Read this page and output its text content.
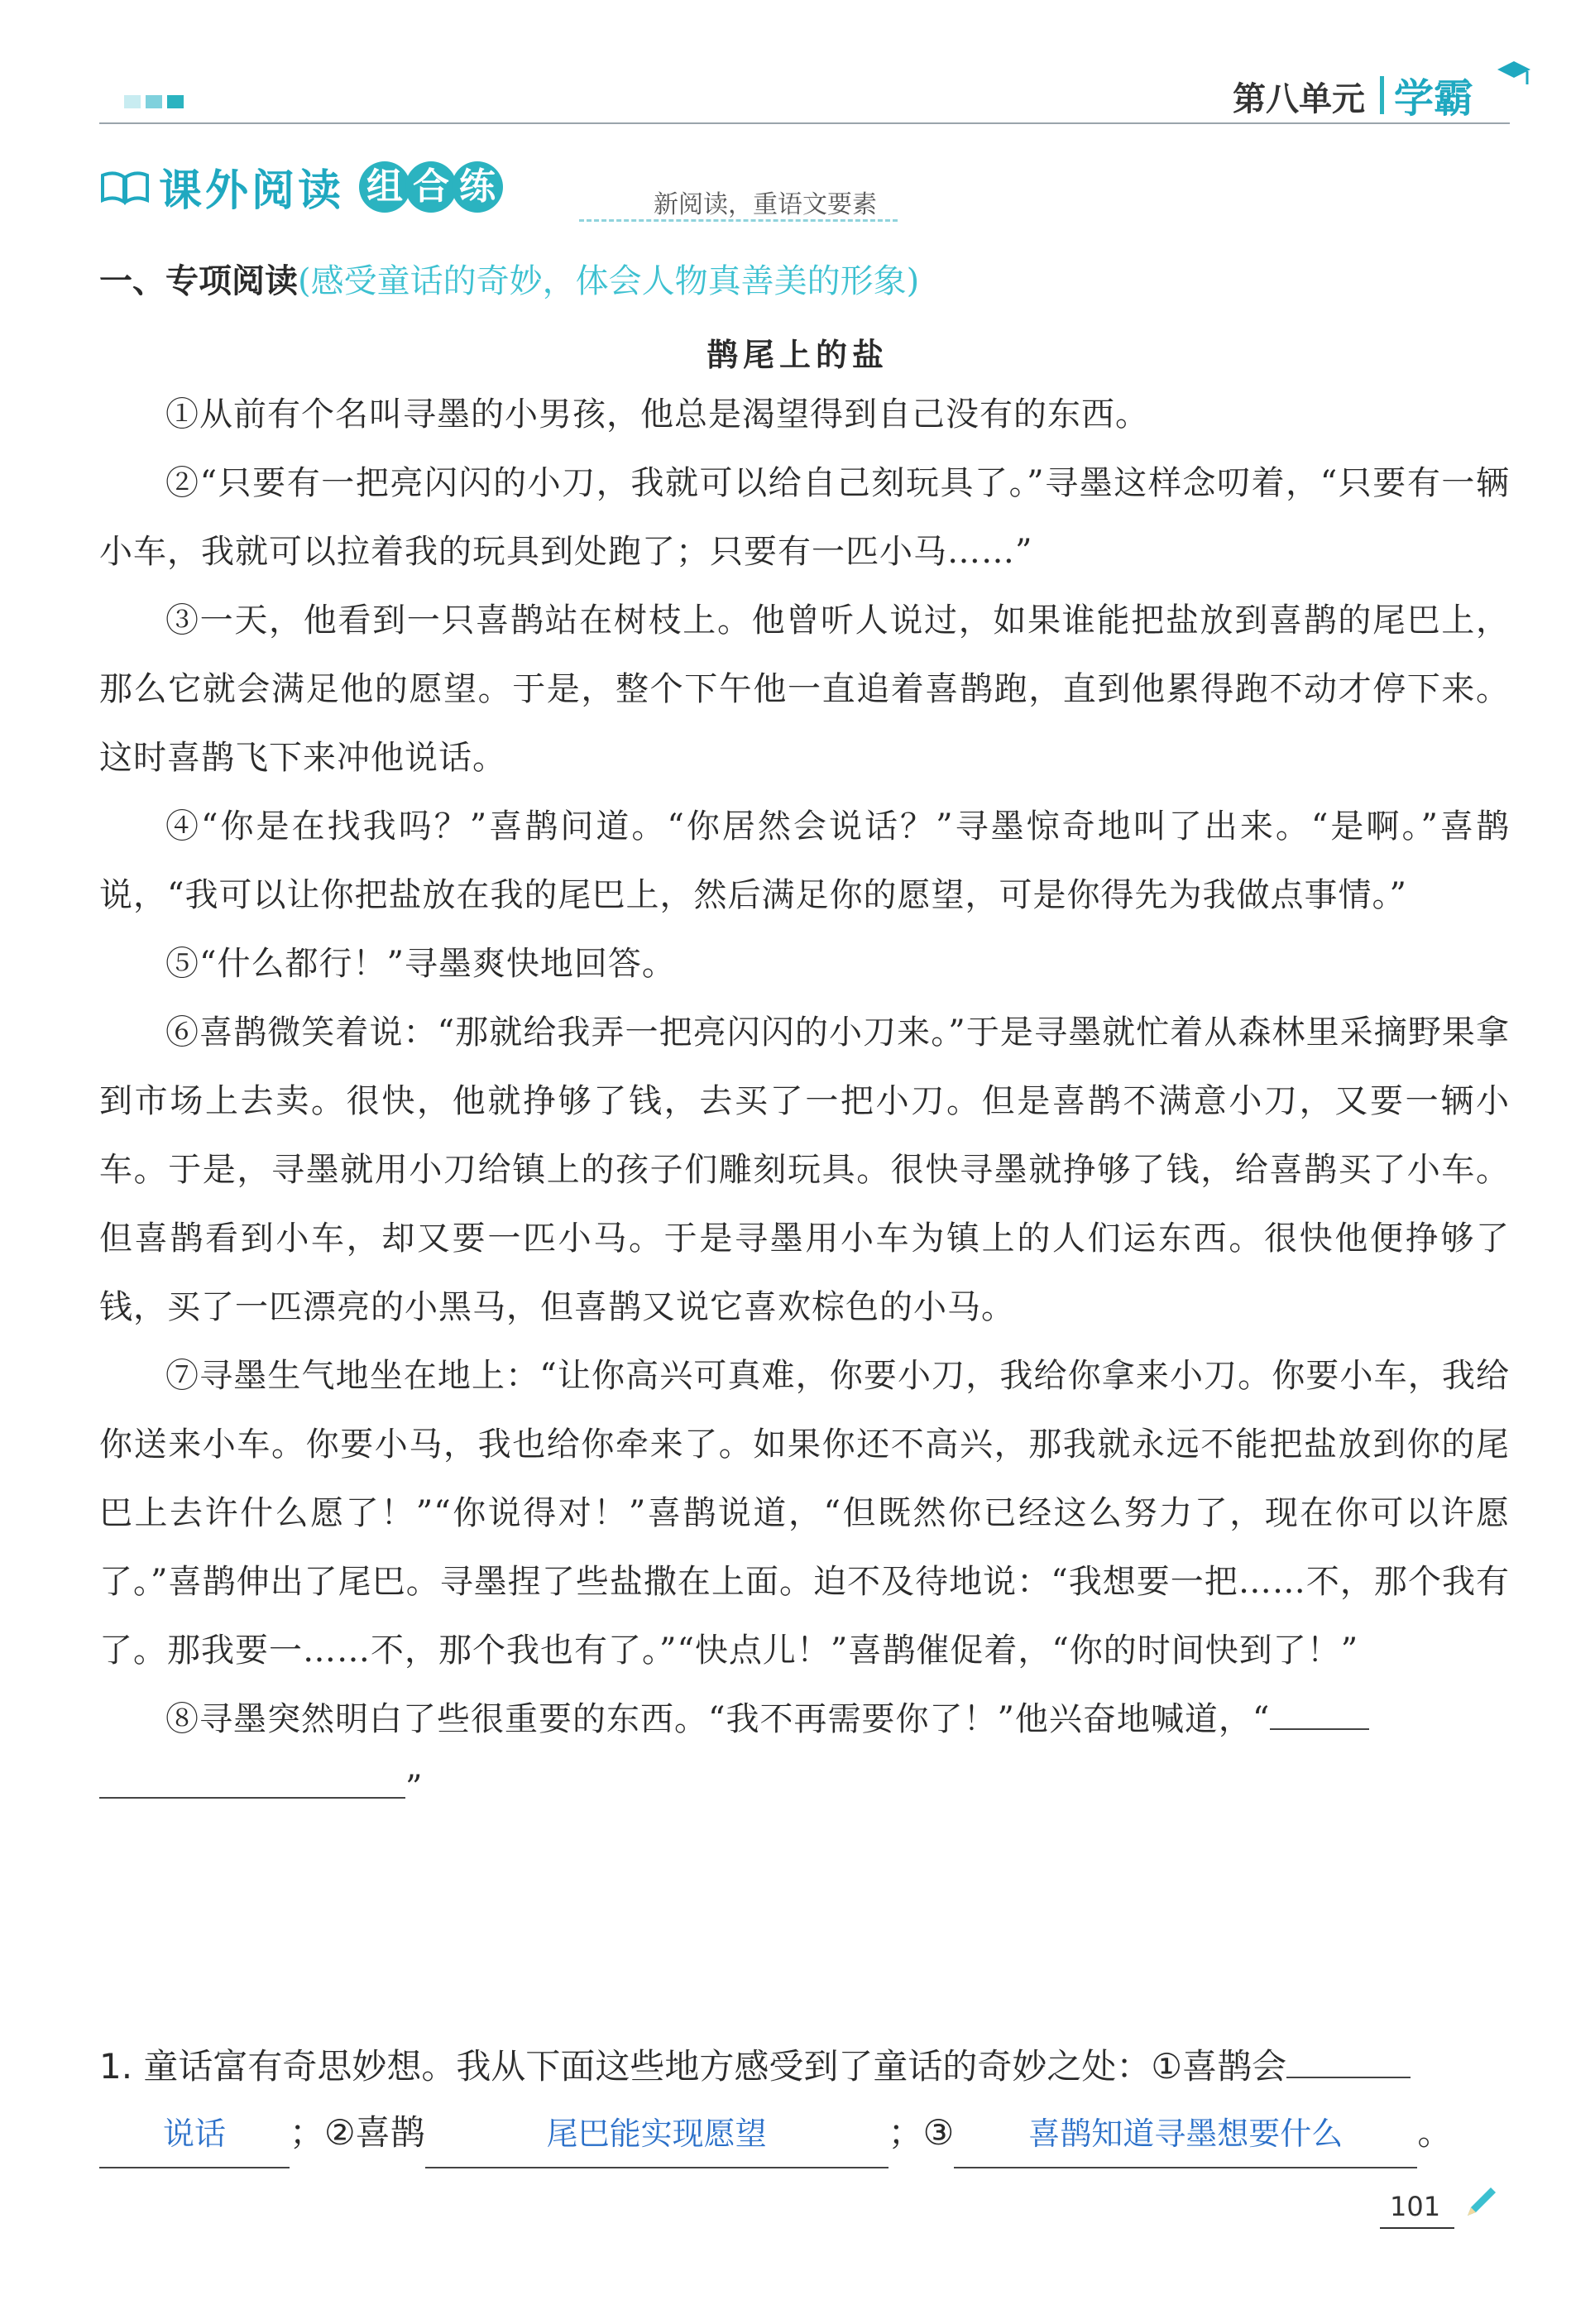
第八单元 学霸
课外阅读 组 合 练	新阅读，重语文要素
一、专项阅读(感受童话的奇妙，体会人物真善美的形象)
鹊尾上的盐

①从前有个名叫寻墨的小男孩，他总是渴望得到自己没有的东西。

②“只要有一把亮闪闪的小刀，我就可以给自己刻玩具了。”寻墨这样念叨着，“只要有一辆小车，我就可以拉着我的玩具到处跑了；只要有一匹小马……”

③一天，他看到一只喜鹊站在树枝上。他曾听人说过，如果谁能把盐放到喜鹊的尾巴上，那么它就会满足他的愿望。于是，整个下午他一直追着喜鹊跑，直到他累得跑不动才停下来。这时喜鹊飞下来冲他说话。

④“你是在找我吗？”喜鹊问道。“你居然会说话？”寻墨惊奇地叫了出来。“是啊。”喜鹊说，“我可以让你把盐放在我的尾巴上，然后满足你的愿望，可是你得先为我做点事情。”

⑤“什么都行！”寻墨爽快地回答。

⑥喜鹊微笑着说：“那就给我弄一把亮闪闪的小刀来。”于是寻墨就忙着从森林里采摘野果拿到市场上去卖。很快，他就挣够了钱，去买了一把小刀。但是喜鹊不满意小刀，又要一辆小车。于是，寻墨就用小刀给镇上的孩子们雕刻玩具。很快寻墨就挣够了钱，给喜鹊买了小车。但喜鹊看到小车，却又要一匹小马。于是寻墨用小车为镇上的人们运东西。很快他便挣够了钱，买了一匹漂亮的小黑马，但喜鹊又说它喜欢棕色的小马。

⑦寻墨生气地坐在地上：“让你高兴可真难，你要小刀，我给你拿来小刀。你要小车，我给你送来小车。你要小马，我也给你牵来了。如果你还不高兴，那我就永远不能把盐放到你的尾巴上去许什么愿了！”“你说得对！”喜鹊说道，“但既然你已经这么努力了，现在你可以许愿了。”喜鹊伸出了尾巴。寻墨捏了些盐撒在上面。迫不及待地说：“我想要一把……不，那个我有了。那我要一……不，那个我也有了。”“快点儿！”喜鹊催促着，“你的时间快到了！”

⑧寻墨突然明白了些很重要的东西。“我不再需要你了！”他兴奋地喊道，“

”
1. 童话富有奇思妙想。我从下面这些地方感受到了童话的奇妙之处：①喜鹊会
说话 ；②喜鹊	尾巴能实现愿望	；③ 喜鹊知道寻墨想要什么 。
101
